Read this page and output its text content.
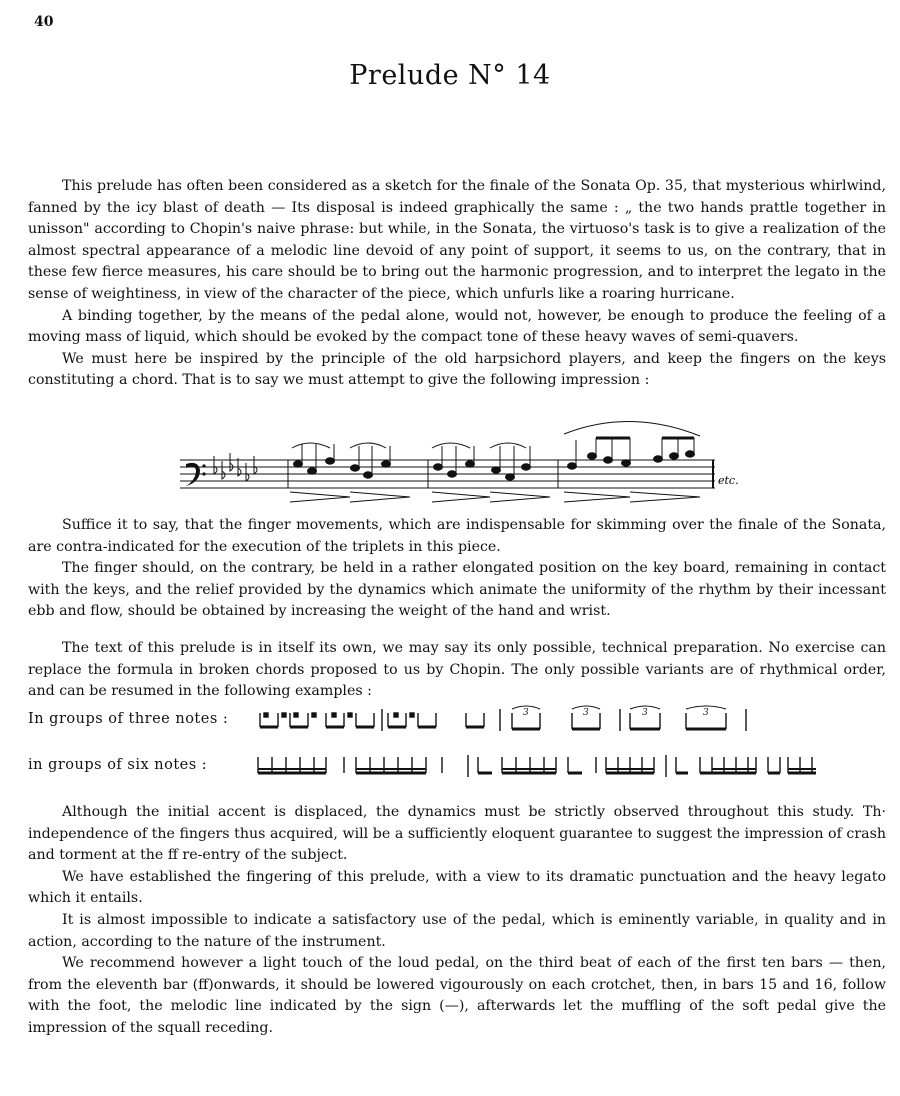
40
Prelude N° 14

This prelude has often been considered as a sketch for the finale of the Sonata Op. 35, that mysterious whirlwind, fanned by the icy blast of death — Its disposal is indeed graphically the same : „ the two hands prattle together in unisson" according to Chopin's naive phrase: but while, in the Sonata, the virtuoso's task is to give a realization of the almost spectral appearance of a melodic line devoid of any point of support, it seems to us, on the contrary, that in these few fierce measures, his care should be to bring out the harmonic progression, and to interpret the legato in the sense of weightiness, in view of the character of the piece, which unfurls like a roaring hurricane.

A binding together, by the means of the pedal alone, would not, however, be enough to produce the feeling of a moving mass of liquid, which should be evoked by the compact tone of these heavy waves of semi-quavers.

We must here be inspired by the principle of the old harpsichord players, and keep the fingers on the keys constituting a chord. That is to say we must attempt to give the following impression :

etc.

Suffice it to say, that the finger movements, which are indispensable for skimming over the finale of the Sonata, are contra-indicated for the execution of the triplets in this piece.

The finger should, on the contrary, be held in a rather elongated position on the key board, remaining in contact with the keys, and the relief provided by the dynamics which animate the uniformity of the rhythm by their incessant ebb and flow, should be obtained by increasing the weight of the hand and wrist.

The text of this prelude is in itself its own, we may say its only possible, technical preparation. No exercise can replace the formula in broken chords proposed to us by Chopin. The only possible variants are of rhythmical order, and can be resumed in the following examples :

In groups of three notes :	3	3	3	3
in groups of six notes :

Although the initial accent is displaced, the dynamics must be strictly observed throughout this study. Th· independence of the fingers thus acquired, will be a sufficiently eloquent guarantee to suggest the impression of crash and torment at the ff re-entry of the subject.

We have established the fingering of this prelude, with a view to its dramatic punctuation and the heavy legato which it entails.

It is almost impossible to indicate a satisfactory use of the pedal, which is eminently variable, in quality and in action, according to the nature of the instrument.

We recommend however a light touch of the loud pedal, on the third beat of each of the first ten bars — then, from the eleventh bar (ff)onwards, it should be lowered vigourously on each crotchet, then, in bars 15 and 16, follow with the foot, the melodic line indicated by the sign (—), afterwards let the muffling of the soft pedal give the impression of the squall receding.
